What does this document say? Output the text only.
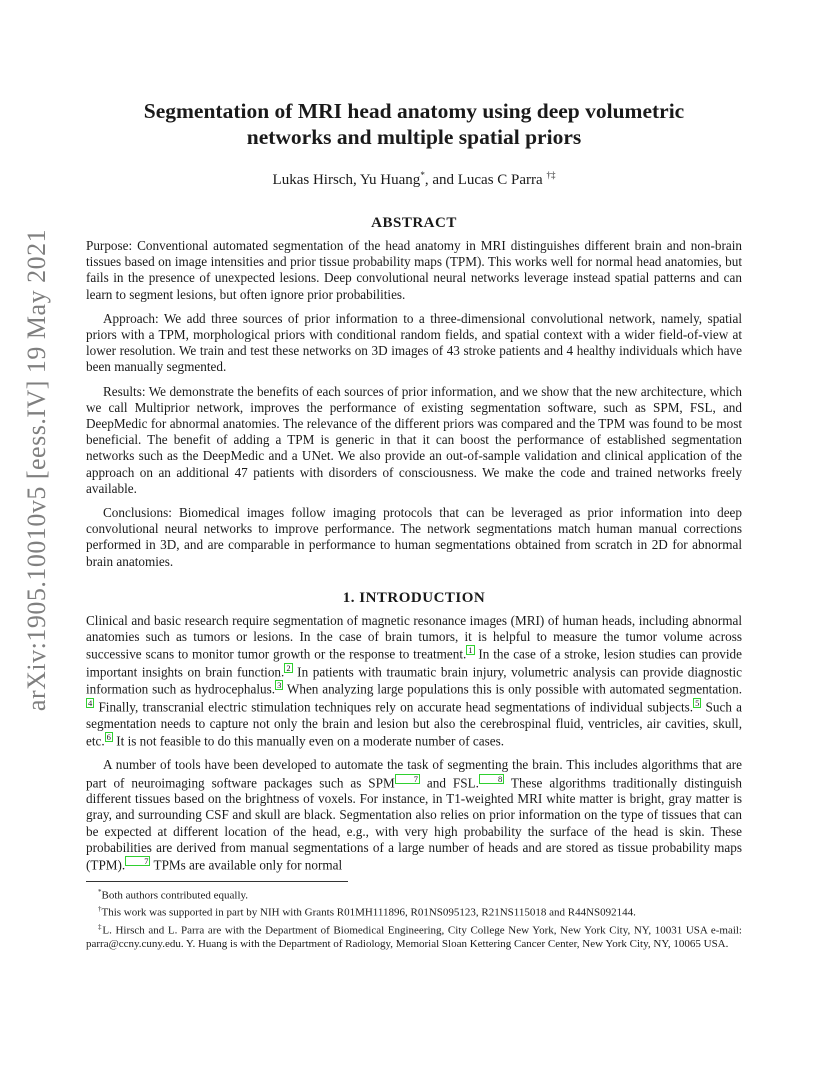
arXiv:1905.10010v5 [eess.IV] 19 May 2021
Segmentation of MRI head anatomy using deep volumetric
networks and multiple spatial priors
Lukas Hirsch, Yu Huang*, and Lucas C Parra †‡
ABSTRACT

Purpose: Conventional automated segmentation of the head anatomy in MRI distinguishes different brain and non-brain tissues based on image intensities and prior tissue probability maps (TPM). This works well for normal head anatomies, but fails in the presence of unexpected lesions. Deep convolutional neural networks leverage instead spatial patterns and can learn to segment lesions, but often ignore prior probabilities.

Approach: We add three sources of prior information to a three-dimensional convolutional network, namely, spatial priors with a TPM, morphological priors with conditional random fields, and spatial context with a wider field-of-view at lower resolution. We train and test these networks on 3D images of 43 stroke patients and 4 healthy individuals which have been manually segmented.

Results: We demonstrate the benefits of each sources of prior information, and we show that the new architecture, which we call Multiprior network, improves the performance of existing segmentation software, such as SPM, FSL, and DeepMedic for abnormal anatomies. The relevance of the different priors was compared and the TPM was found to be most beneficial. The benefit of adding a TPM is generic in that it can boost the performance of established segmentation networks such as the DeepMedic and a UNet. We also provide an out-of-sample validation and clinical application of the approach on an additional 47 patients with disorders of consciousness. We make the code and trained networks freely available.

Conclusions: Biomedical images follow imaging protocols that can be leveraged as prior information into deep convolutional neural networks to improve performance. The network segmentations match human manual corrections performed in 3D, and are comparable in performance to human segmentations obtained from scratch in 2D for abnormal brain anatomies.

1. INTRODUCTION

Clinical and basic research require segmentation of magnetic resonance images (MRI) of human heads, including abnormal anatomies such as tumors or lesions. In the case of brain tumors, it is helpful to measure the tumor volume across successive scans to monitor tumor growth or the response to treatment. 1 In the case of a stroke, lesion studies can provide important insights on brain function. 2 In patients with traumatic brain injury, volumetric analysis can provide diagnostic information such as hydrocephalus. 3 When analyzing large populations this is only possible with automated segmentation.4 Finally, transcranial electric stimulation techniques rely on accurate head segmentations of individual subjects. 5 Such a segmentation needs to capture not only the brain and lesion but also the cerebrospinal fluid, ventricles, air cavities, skull, etc. 6 It is not feasible to do this manually even on a moderate number of cases.

A number of tools have been developed to automate the task of segmenting the brain. This includes algorithms that are part of neuroimaging software packages such as SPM 7 and FSL. 8 These algorithms traditionally distinguish different tissues based on the brightness of voxels. For instance, in T1-weighted MRI white matter is bright, gray matter is gray, and surrounding CSF and skull are black. Segmentation also relies on prior information on the type of tissues that can be expected at different location of the head, e.g., with very high probability the surface of the head is skin. These probabilities are derived from manual segmentations of a large number of heads and are stored as tissue probability maps (TPM). 7 TPMs are available only for normal

*Both authors contributed equally.

†This work was supported in part by NIH with Grants R01MH111896, R01NS095123, R21NS115018 and R44NS092144.

‡L. Hirsch and L. Parra are with the Department of Biomedical Engineering, City College New York, New York City, NY, 10031 USA e-mail: parra@ccny.cuny.edu. Y. Huang is with the Department of Radiology, Memorial Sloan Kettering Cancer Center, New York City, NY, 10065 USA.
